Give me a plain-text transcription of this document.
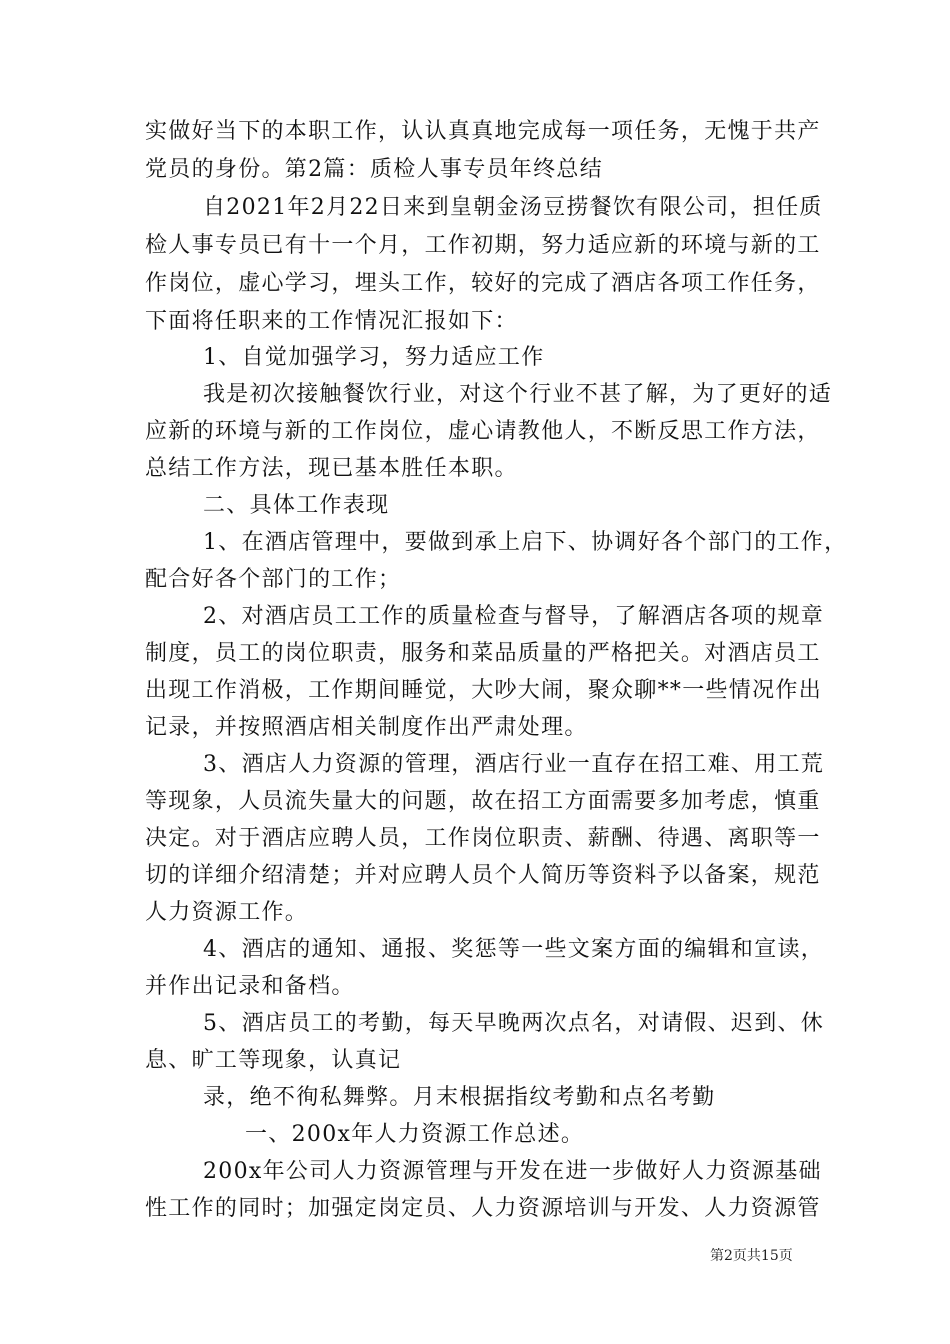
实做好当下的本职工作，认认真真地完成每一项任务，无愧于共产
党员的身份。第2篇：质检人事专员年终总结
自2021年2月22日来到皇朝金汤豆捞餐饮有限公司，担任质
检人事专员已有十一个月，工作初期，努力适应新的环境与新的工
作岗位，虚心学习，埋头工作，较好的完成了酒店各项工作任务，
下面将任职来的工作情况汇报如下：
1、自觉加强学习，努力适应工作
我是初次接触餐饮行业，对这个行业不甚了解，为了更好的适
应新的环境与新的工作岗位，虚心请教他人，不断反思工作方法，
总结工作方法，现已基本胜任本职。
二、具体工作表现
1、在酒店管理中，要做到承上启下、协调好各个部门的工作，
配合好各个部门的工作；
2、对酒店员工工作的质量检查与督导，了解酒店各项的规章
制度，员工的岗位职责，服务和菜品质量的严格把关。对酒店员工
出现工作消极，工作期间睡觉，大吵大闹，聚众聊**一些情况作出
记录，并按照酒店相关制度作出严肃处理。
3、酒店人力资源的管理，酒店行业一直存在招工难、用工荒
等现象，人员流失量大的问题，故在招工方面需要多加考虑，慎重
决定。对于酒店应聘人员，工作岗位职责、薪酬、待遇、离职等一
切的详细介绍清楚；并对应聘人员个人简历等资料予以备案，规范
人力资源工作。
4、酒店的通知、通报、奖惩等一些文案方面的编辑和宣读，
并作出记录和备档。
5、酒店员工的考勤，每天早晚两次点名，对请假、迟到、休
息、旷工等现象，认真记
录，绝不徇私舞弊。月末根据指纹考勤和点名考勤
一、200x年人力资源工作总述。
200x年公司人力资源管理与开发在进一步做好人力资源基础
性工作的同时；加强定岗定员、人力资源培训与开发、人力资源管
第2页共15页
